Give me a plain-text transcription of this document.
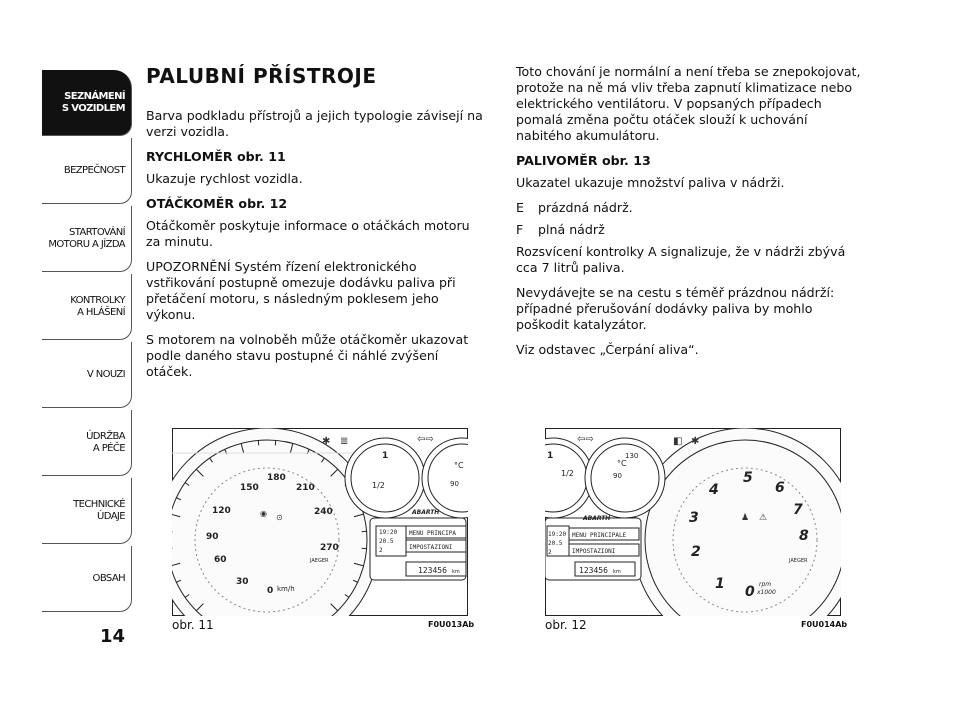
SEZNÁMENÍ
S VOZIDLEM
BEZPEČNOST
STARTOVÁNÍ
MOTORU A JÍZDA
KONTROLKY
A HLÁŠENÍ
V NOUZI
ÚDRŽBA
A PÉČE
TECHNICKÉ
ÚDAJE
OBSAH
14
PALUBNÍ PŘÍSTROJE

Barva podkladu přístrojů a jejich typologie závisejí na verzi vozidla.

RYCHLOMĚR obr. 11

Ukazuje rychlost vozidla.

OTÁČKOMĚR obr. 12

Otáčkoměr poskytuje informace o otáčkách motoru za minutu.

UPOZORNĚNÍ Systém řízení elektronického vstřikování postupně omezuje dodávku paliva při přetáčení motoru, s následným poklesem jeho výkonu.

S motorem na volnoběh může otáčkoměr ukazovat podle daného stavu postupné či náhlé zvýšení otáček.

Toto chování je normální a není třeba se znepokojovat, protože na ně má vliv třeba zapnutí klimatizace nebo elektrického ventilátoru. V popsaných případech pomalá změna počtu otáček slouží k uchování nabitého akumulátoru.

PALIVOMĚR obr. 13

Ukazatel ukazuje množství paliva v nádrži.

E	prázdná nádrž.

F	plná nádrž

Rozsvícení kontrolky A signalizuje, že v nádrži zbývá cca 7 litrů paliva.

Nevydávejte se na cestu s téměř prázdnou nádrží: případné přerušování dodávky paliva by mohlo poškodit katalyzátor.

Viz odstavec „Čerpání aliva“.

150
180
210
120	240
90
270
60
30
0 km/h
JAEGER
1
1/2
°C
90
ABARTH
19:20
20.5
2
MENU PRINCIPA
IMPOSTAZIONI
123456 km
✱ ≣	⇦⇨
◉ ⊙
obr. 11	F0U013Ab
1
2
3
4
5
6
7
8
0 rpm
x1000
JAEGER
1
1/2
130
°C
90
ABARTH
19:20
20.5
2
MENU PRINCIPALE
IMPOSTAZIONI
123456 km
⇦⇨	◧ ✱
♟ ⚠
obr. 12	F0U014Ab
